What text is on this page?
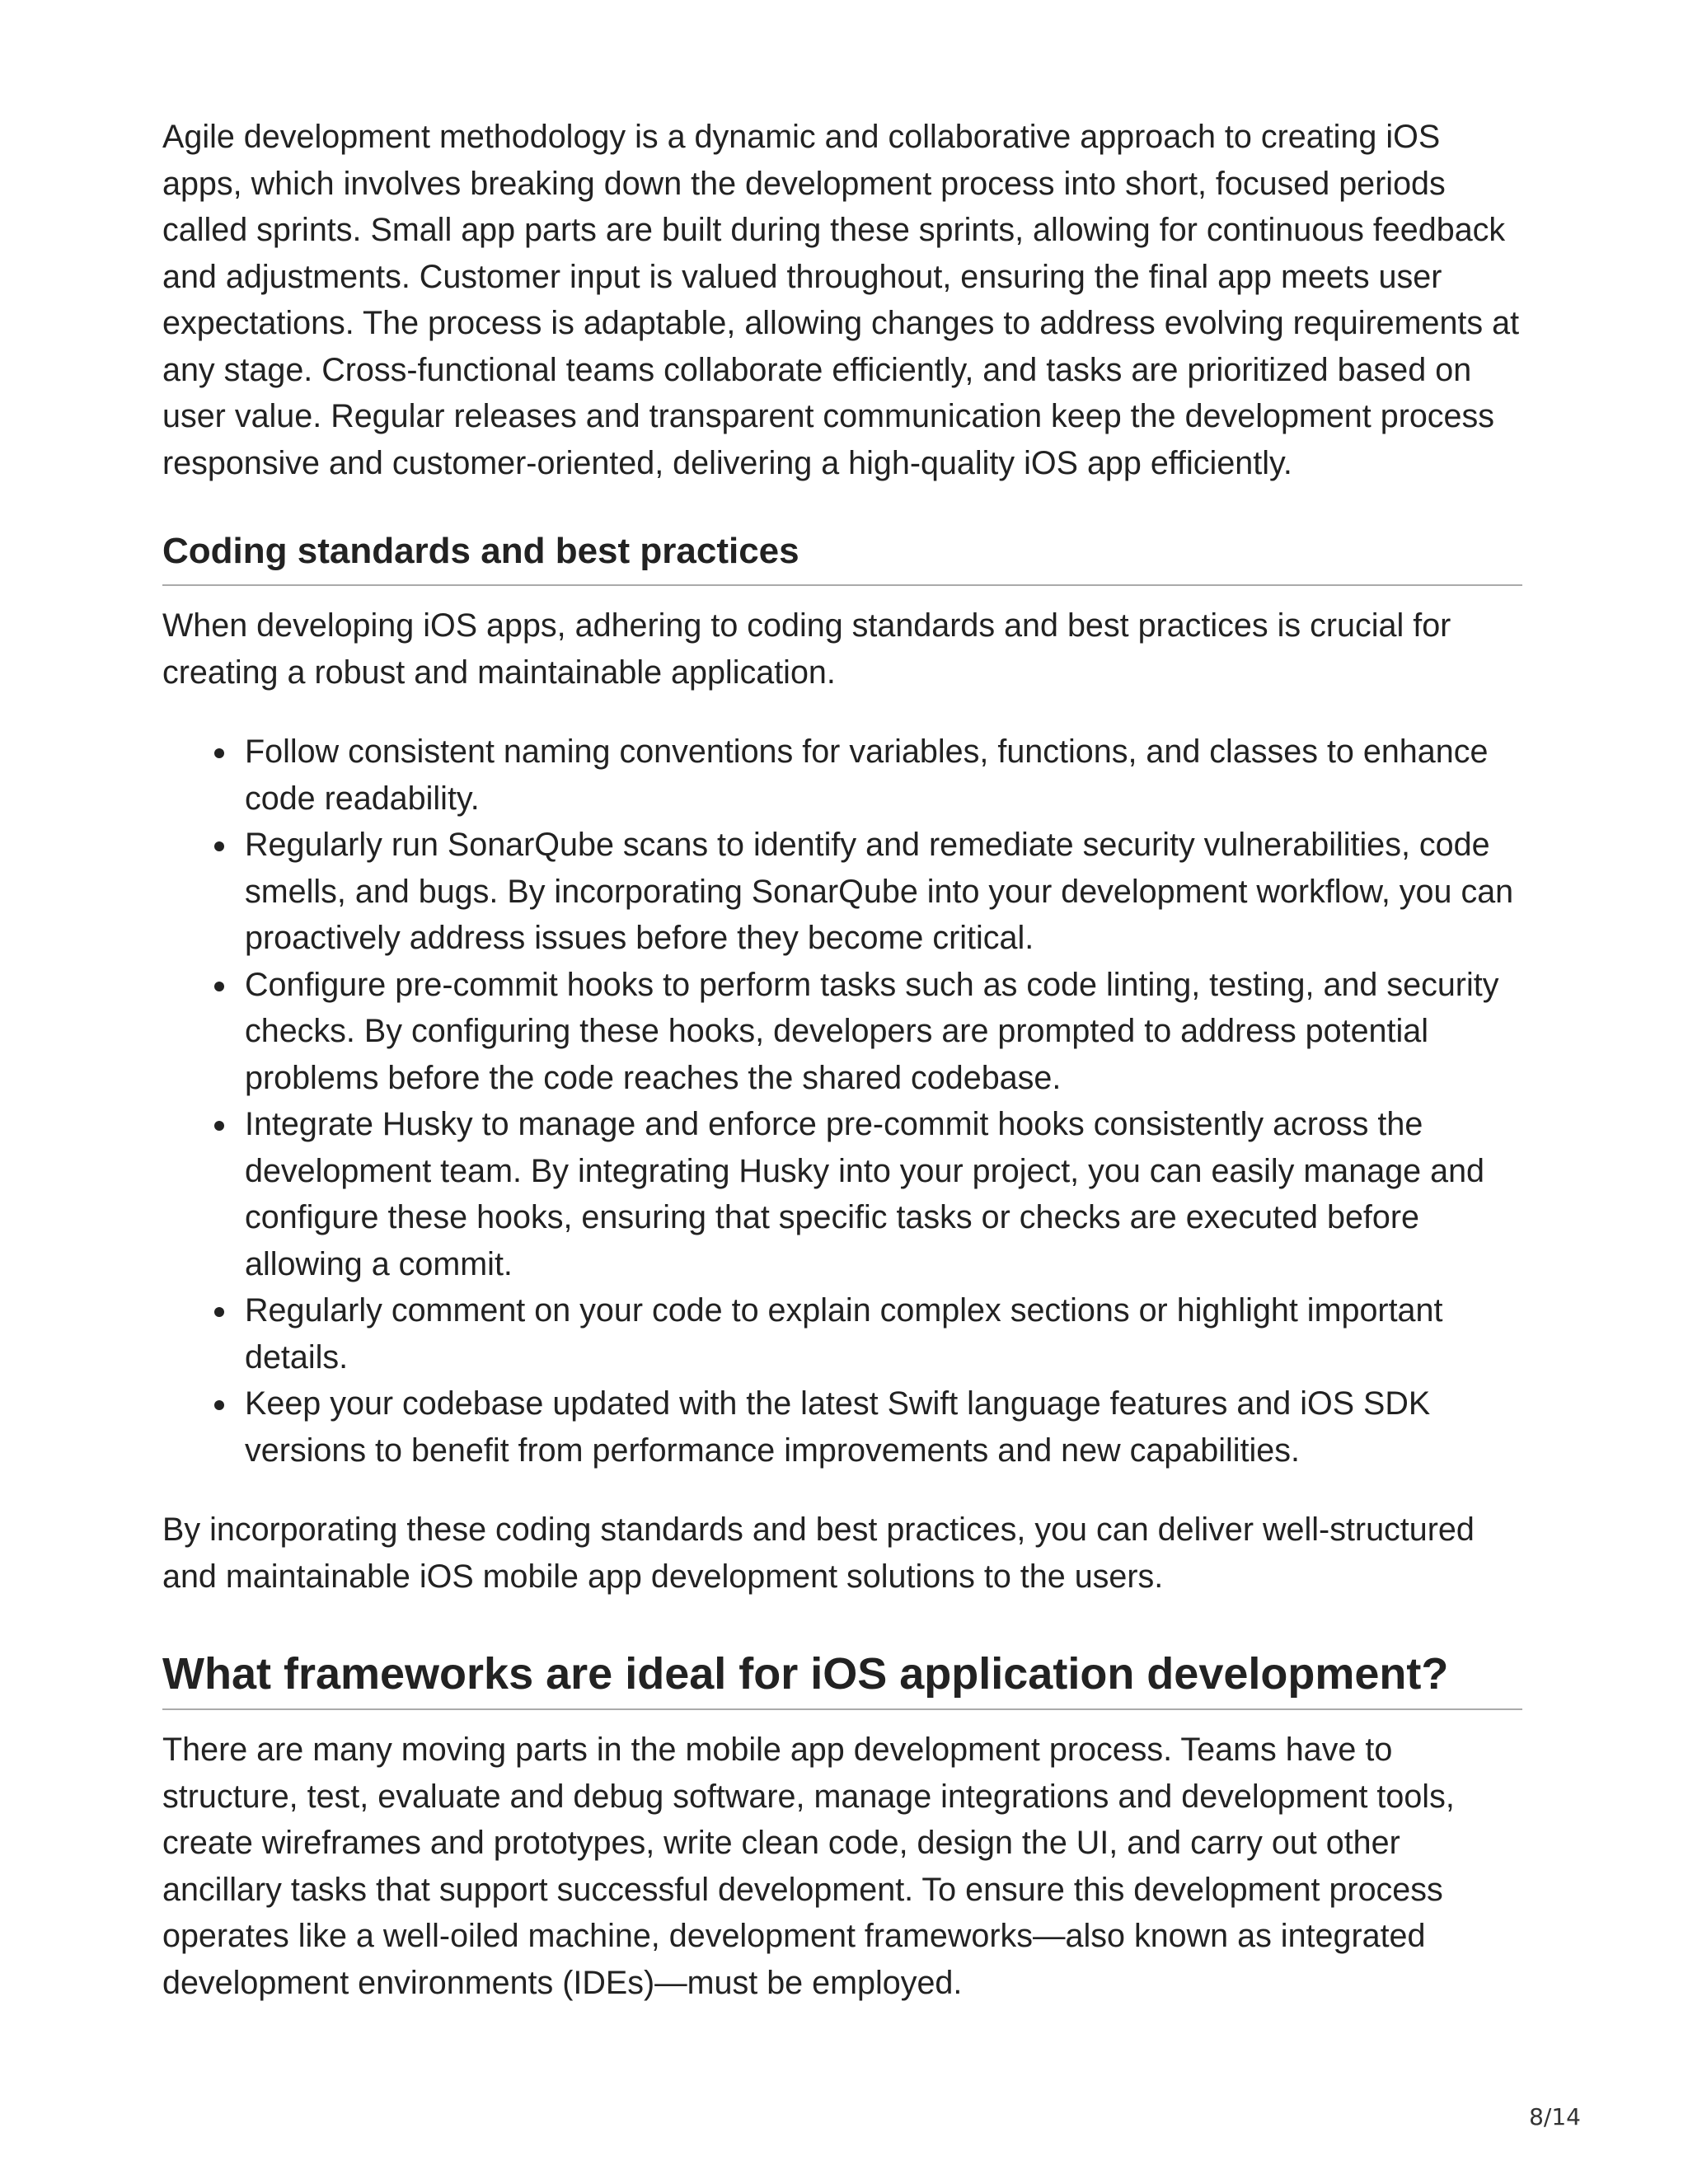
Agile development methodology is a dynamic and collaborative approach to creating iOS apps, which involves breaking down the development process into short, focused periods called sprints. Small app parts are built during these sprints, allowing for continuous feedback and adjustments. Customer input is valued throughout, ensuring the final app meets user expectations. The process is adaptable, allowing changes to address evolving requirements at any stage. Cross-functional teams collaborate efficiently, and tasks are prioritized based on user value. Regular releases and transparent communication keep the development process responsive and customer-oriented, delivering a high-quality iOS app efficiently.

Coding standards and best practices

When developing iOS apps, adhering to coding standards and best practices is crucial for creating a robust and maintainable application.

Follow consistent naming conventions for variables, functions, and classes to enhance code readability.
Regularly run SonarQube scans to identify and remediate security vulnerabilities, code smells, and bugs. By incorporating SonarQube into your development workflow, you can proactively address issues before they become critical.
Configure pre-commit hooks to perform tasks such as code linting, testing, and security checks. By configuring these hooks, developers are prompted to address potential problems before the code reaches the shared codebase.
Integrate Husky to manage and enforce pre-commit hooks consistently across the development team. By integrating Husky into your project, you can easily manage and configure these hooks, ensuring that specific tasks or checks are executed before allowing a commit.
Regularly comment on your code to explain complex sections or highlight important details.
Keep your codebase updated with the latest Swift language features and iOS SDK versions to benefit from performance improvements and new capabilities.

By incorporating these coding standards and best practices, you can deliver well-structured and maintainable iOS mobile app development solutions to the users.

What frameworks are ideal for iOS application development?

There are many moving parts in the mobile app development process. Teams have to structure, test, evaluate and debug software, manage integrations and development tools, create wireframes and prototypes, write clean code, design the UI, and carry out other ancillary tasks that support successful development. To ensure this development process operates like a well-oiled machine, development frameworks—also known as integrated development environments (IDEs)—must be employed.

8/14
